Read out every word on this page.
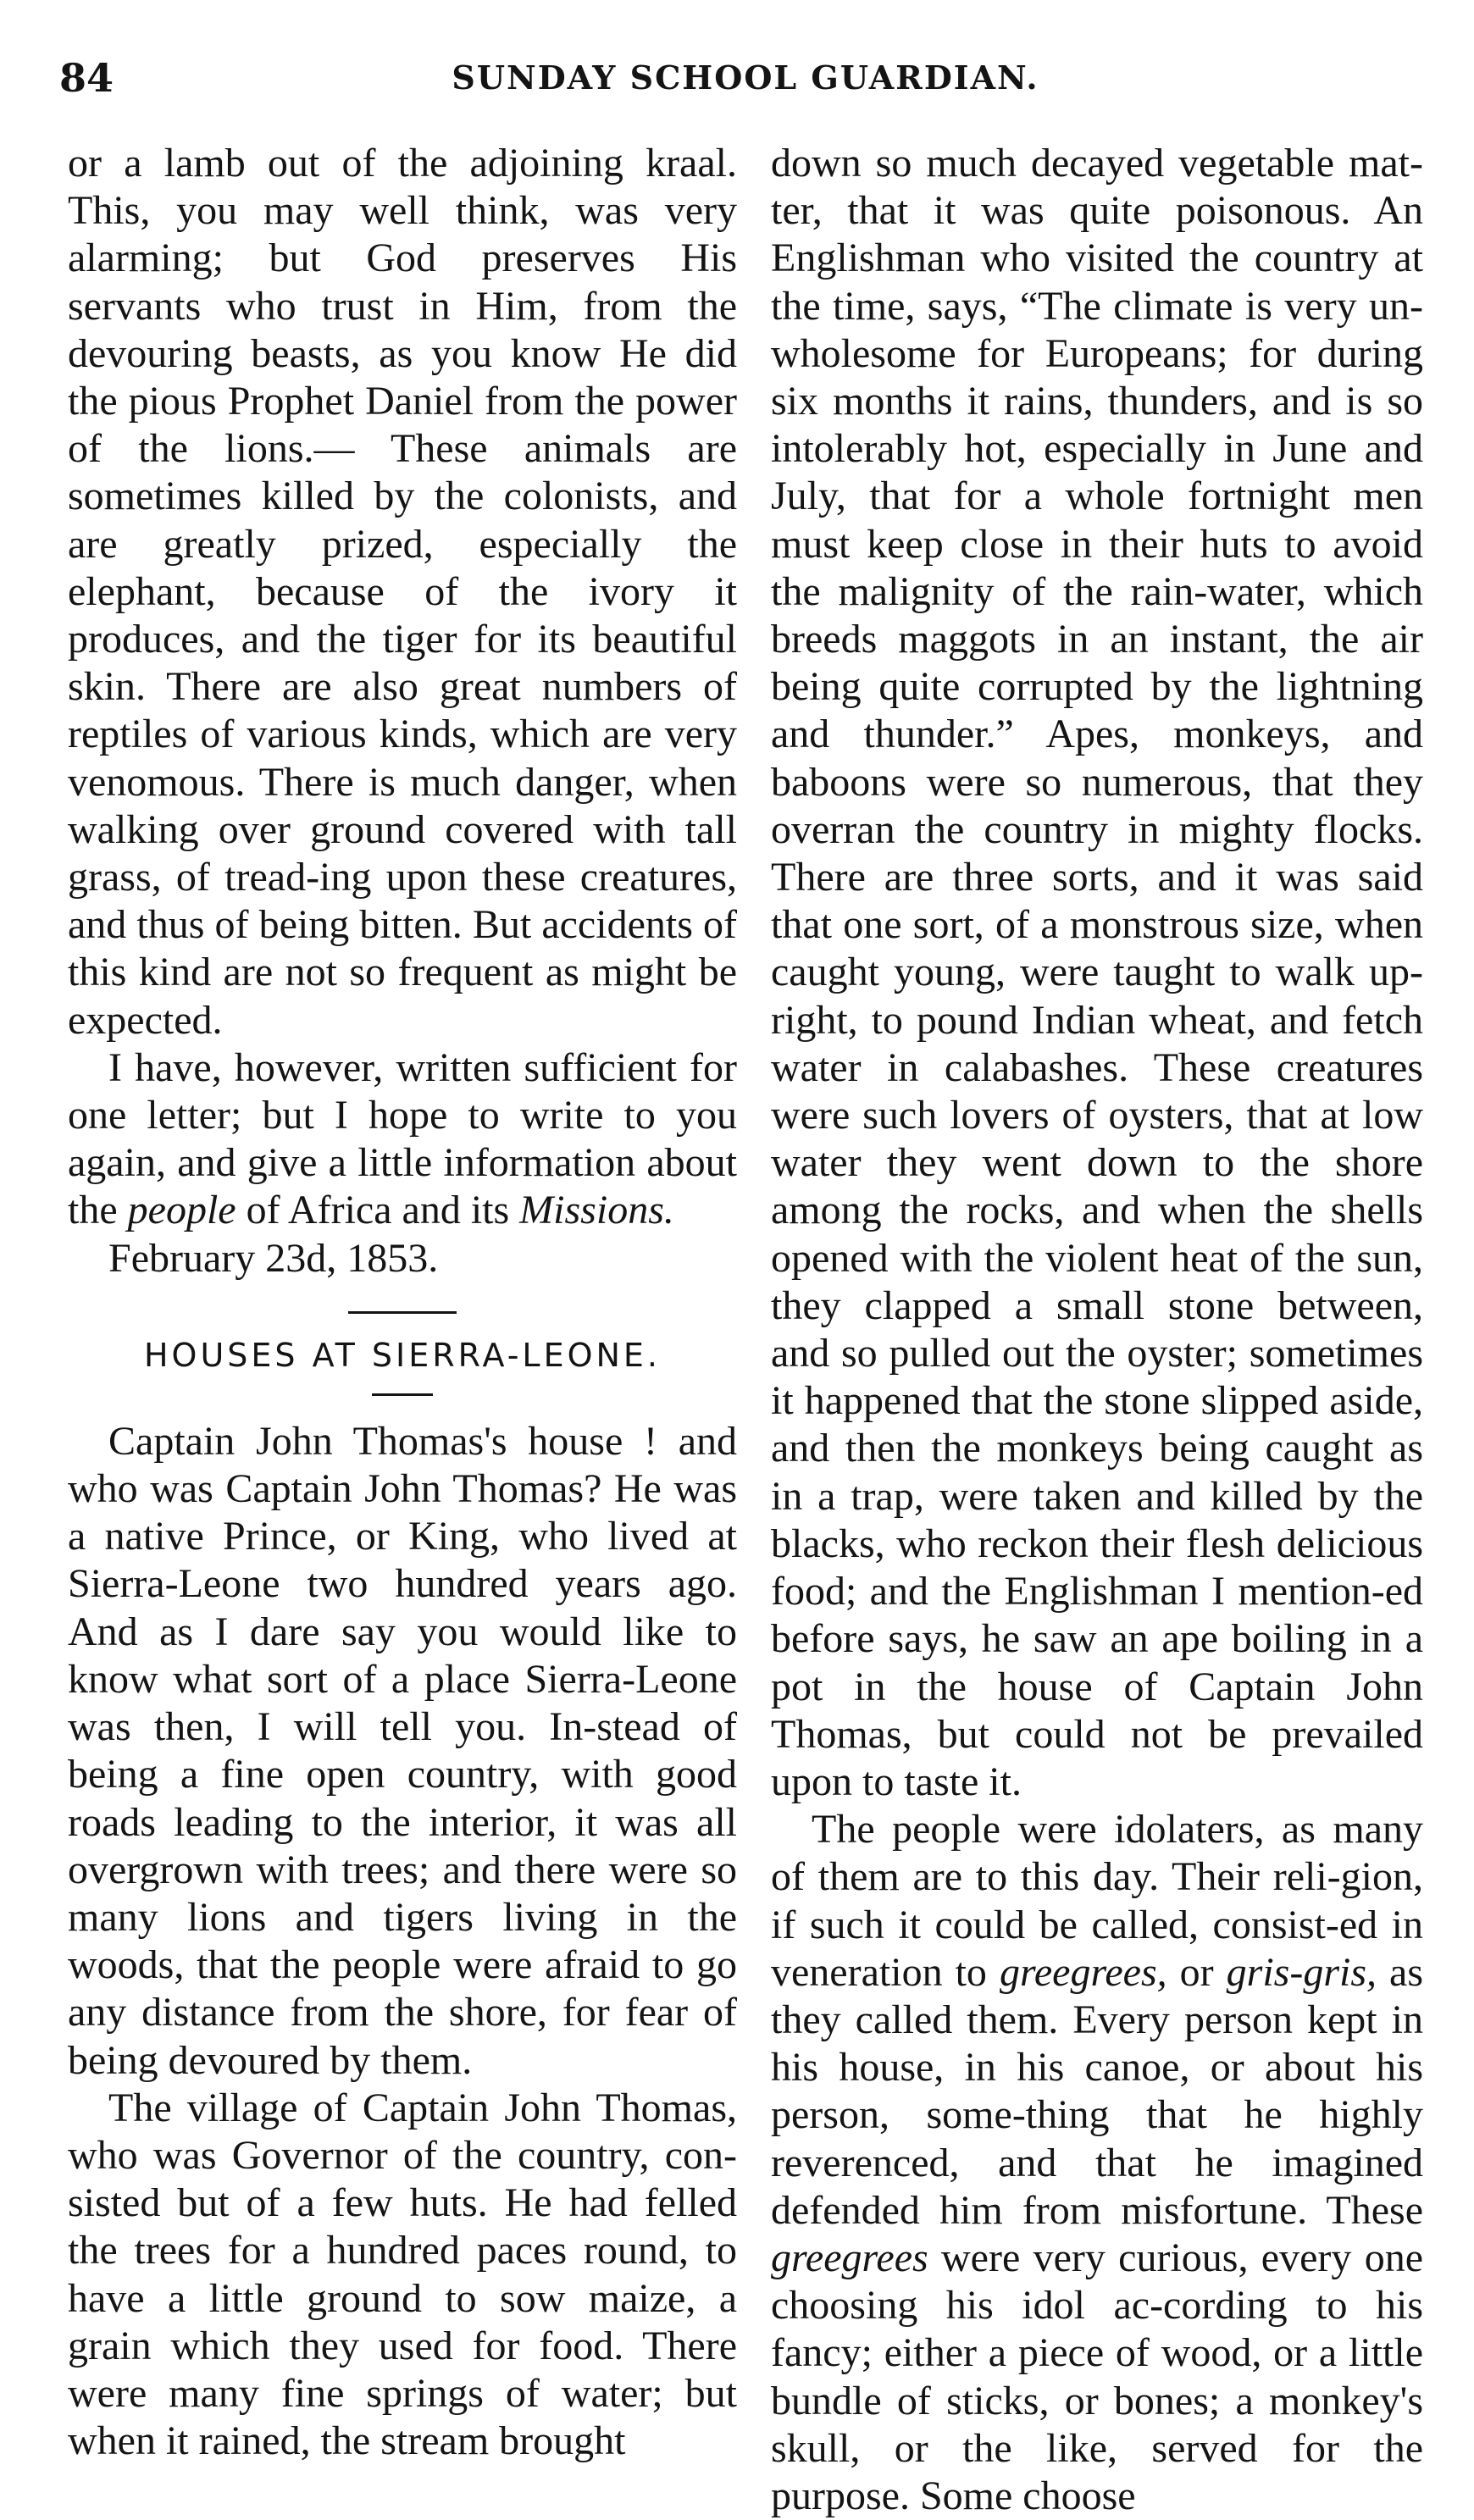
84	SUNDAY SCHOOL GUARDIAN.

or a lamb out of the adjoining kraal. This, you may well think, was very alarming; but God preserves His servants who trust in Him, from the devouring beasts, as you know He did the pious Prophet Daniel from the power of the lions.— These animals are sometimes killed by the colonists, and are greatly prized, especially the elephant, because of the ivory it produces, and the tiger for its beautiful skin. There are also great numbers of reptiles of various kinds, which are very venomous. There is much danger, when walking over ground covered with tall grass, of tread-ing upon these creatures, and thus of being bitten. But accidents of this kind are not so frequent as might be expected.

I have, however, written sufficient for one letter; but I hope to write to you again, and give a little information about the people of Africa and its Missions.

February 23d, 1853.

HOUSES AT SIERRA-LEONE.

Captain John Thomas's house ! and who was Captain John Thomas? He was a native Prince, or King, who lived at Sierra-Leone two hundred years ago. And as I dare say you would like to know what sort of a place Sierra-Leone was then, I will tell you. In-stead of being a fine open country, with good roads leading to the interior, it was all overgrown with trees; and there were so many lions and tigers living in the woods, that the people were afraid to go any distance from the shore, for fear of being devoured by them.

The village of Captain John Thomas, who was Governor of the country, con-sisted but of a few huts. He had felled the trees for a hundred paces round, to have a little ground to sow maize, a grain which they used for food. There were many fine springs of water; but when it rained, the stream brought

down so much decayed vegetable mat-ter, that it was quite poisonous. An Englishman who visited the country at the time, says, “The climate is very un-wholesome for Europeans; for during six months it rains, thunders, and is so intolerably hot, especially in June and July, that for a whole fortnight men must keep close in their huts to avoid the malignity of the rain-water, which breeds maggots in an instant, the air being quite corrupted by the lightning and thunder.” Apes, monkeys, and baboons were so numerous, that they overran the country in mighty flocks. There are three sorts, and it was said that one sort, of a monstrous size, when caught young, were taught to walk up-right, to pound Indian wheat, and fetch water in calabashes. These creatures were such lovers of oysters, that at low water they went down to the shore among the rocks, and when the shells opened with the violent heat of the sun, they clapped a small stone between, and so pulled out the oyster; sometimes it happened that the stone slipped aside, and then the monkeys being caught as in a trap, were taken and killed by the blacks, who reckon their flesh delicious food; and the Englishman I mention-ed before says, he saw an ape boiling in a pot in the house of Captain John Thomas, but could not be prevailed upon to taste it.

The people were idolaters, as many of them are to this day. Their reli-gion, if such it could be called, consist-ed in veneration to greegrees, or gris-gris, as they called them. Every person kept in his house, in his canoe, or about his person, some-thing that he highly reverenced, and that he imagined defended him from misfortune. These greegrees were very curious, every one choosing his idol ac-cording to his fancy; either a piece of wood, or a little bundle of sticks, or bones; a monkey's skull, or the like, served for the purpose. Some choose
